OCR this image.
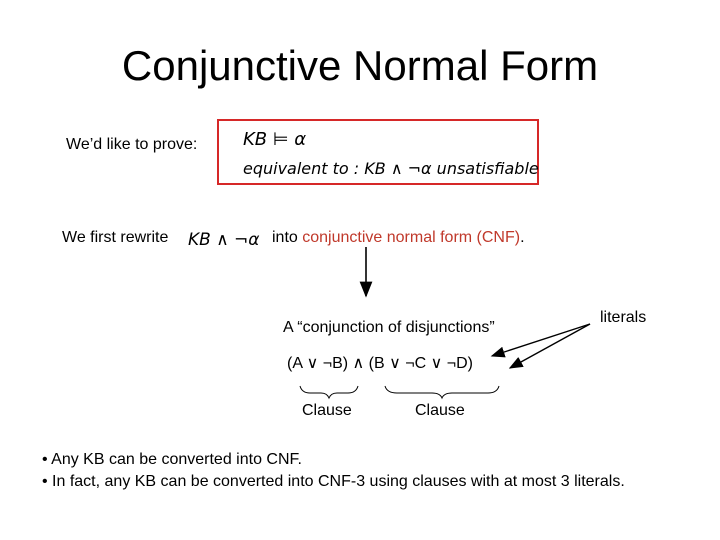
Conjunctive Normal Form
We’d like to prove:	KB ⊨ α
equivalent to : KB ∧ ¬α unsatisfiable
We first rewrite KB ∧ ¬α into conjunctive normal form (CNF).
A “conjunction of disjunctions”
literals
(A ∨ ¬B) ∧ (B ∨ ¬C ∨ ¬D)
Clause	Clause
• Any KB can be converted into CNF.
• In fact, any KB can be converted into CNF-3 using clauses with at most 3 literals.
